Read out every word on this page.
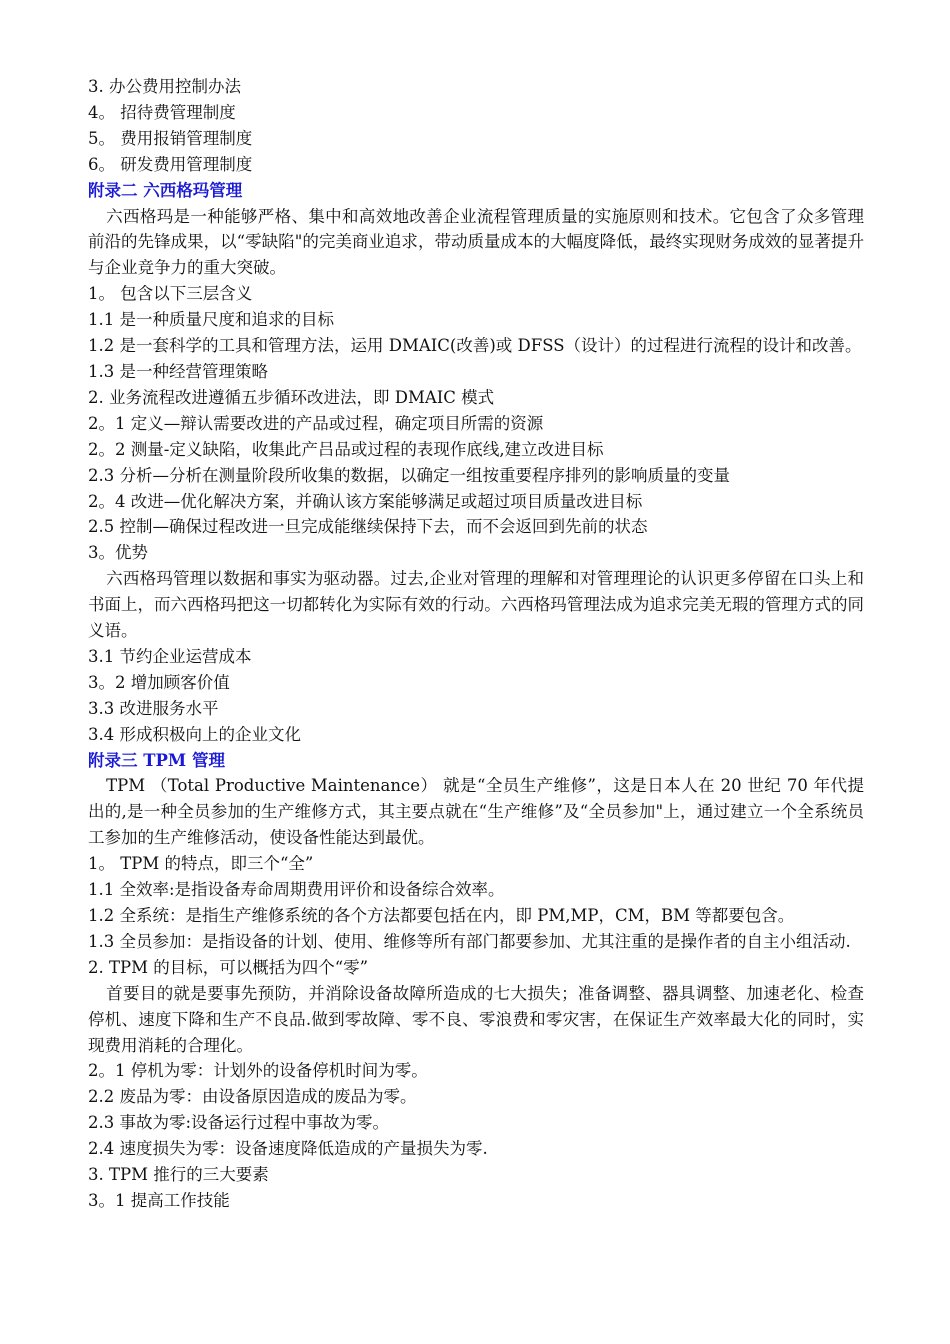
3. 办公费用控制办法

4。 招待费管理制度

5。 费用报销管理制度

6。 研发费用管理制度

附录二 六西格玛管理

六西格玛是一种能够严格、集中和高效地改善企业流程管理质量的实施原则和技术。它包含了众多管理前沿的先锋成果，以“零缺陷"的完美商业追求，带动质量成本的大幅度降低，最终实现财务成效的显著提升与企业竞争力的重大突破。

1。 包含以下三层含义

1.1 是一种质量尺度和追求的目标

1.2 是一套科学的工具和管理方法，运用 DMAIC(改善)或 DFSS（设计）的过程进行流程的设计和改善。

1.3 是一种经营管理策略

2. 业务流程改进遵循五步循环改进法，即 DMAIC 模式

2。1 定义—辩认需要改进的产品或过程，确定项目所需的资源

2。2 测量-定义缺陷，收集此产吕品或过程的表现作底线,建立改进目标

2.3 分析—分析在测量阶段所收集的数据，以确定一组按重要程序排列的影响质量的变量

2。4 改进—优化解决方案，并确认该方案能够满足或超过项目质量改进目标

2.5 控制—确保过程改进一旦完成能继续保持下去，而不会返回到先前的状态

3。优势

六西格玛管理以数据和事实为驱动器。过去,企业对管理的理解和对管理理论的认识更多停留在口头上和书面上，而六西格玛把这一切都转化为实际有效的行动。六西格玛管理法成为追求完美无瑕的管理方式的同义语。

3.1 节约企业运营成本

3。2 增加顾客价值

3.3 改进服务水平

3.4 形成积极向上的企业文化

附录三 TPM 管理

TPM （Total Productive Maintenance） 就是“全员生产维修”，这是日本人在 20 世纪 70 年代提出的,是一种全员参加的生产维修方式，其主要点就在“生产维修”及“全员参加"上，通过建立一个全系统员工参加的生产维修活动，使设备性能达到最优。

1。 TPM 的特点，即三个“全”

1.1 全效率:是指设备寿命周期费用评价和设备综合效率。

1.2 全系统：是指生产维修系统的各个方法都要包括在内，即 PM,MP，CM，BM 等都要包含。

1.3 全员参加：是指设备的计划、使用、维修等所有部门都要参加、尤其注重的是操作者的自主小组活动.

2. TPM 的目标，可以概括为四个“零”

首要目的就是要事先预防，并消除设备故障所造成的七大损失；准备调整、器具调整、加速老化、检查停机、速度下降和生产不良品.做到零故障、零不良、零浪费和零灾害，在保证生产效率最大化的同时，实现费用消耗的合理化。

2。1 停机为零：计划外的设备停机时间为零。

2.2 废品为零：由设备原因造成的废品为零。

2.3 事故为零:设备运行过程中事故为零。

2.4 速度损失为零：设备速度降低造成的产量损失为零.

3. TPM 推行的三大要素

3。1 提高工作技能
